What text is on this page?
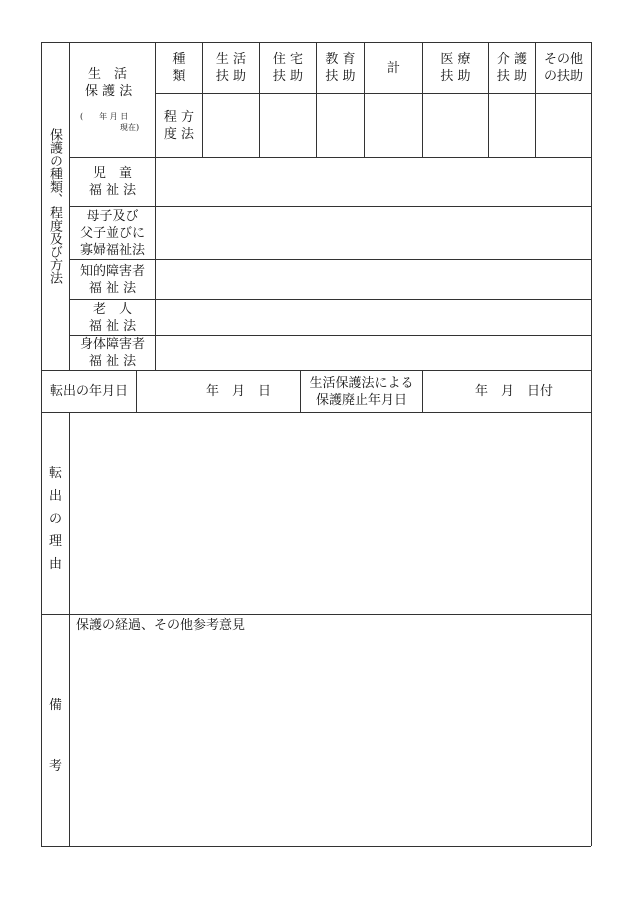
保護の種類、程度及び方法
生　活
保 護 法
(　　年 月 日
現在)
種
類
程 方
度 法
生 活
扶 助
住 宅
扶 助
教 育
扶 助
計
医 療
扶 助
介 護
扶 助
その他
の扶助
児　童
福 祉 法
母子及び
父子並びに
寡婦福祉法
知的障害者
福 祉 法
老　人
福 祉 法
身体障害者
福 祉 法
転出の年月日	年　月　日
生活保護法による
保護廃止年月日
年　月　日付
転
出
の
理
由
備
考
保護の経過、その他参考意見
